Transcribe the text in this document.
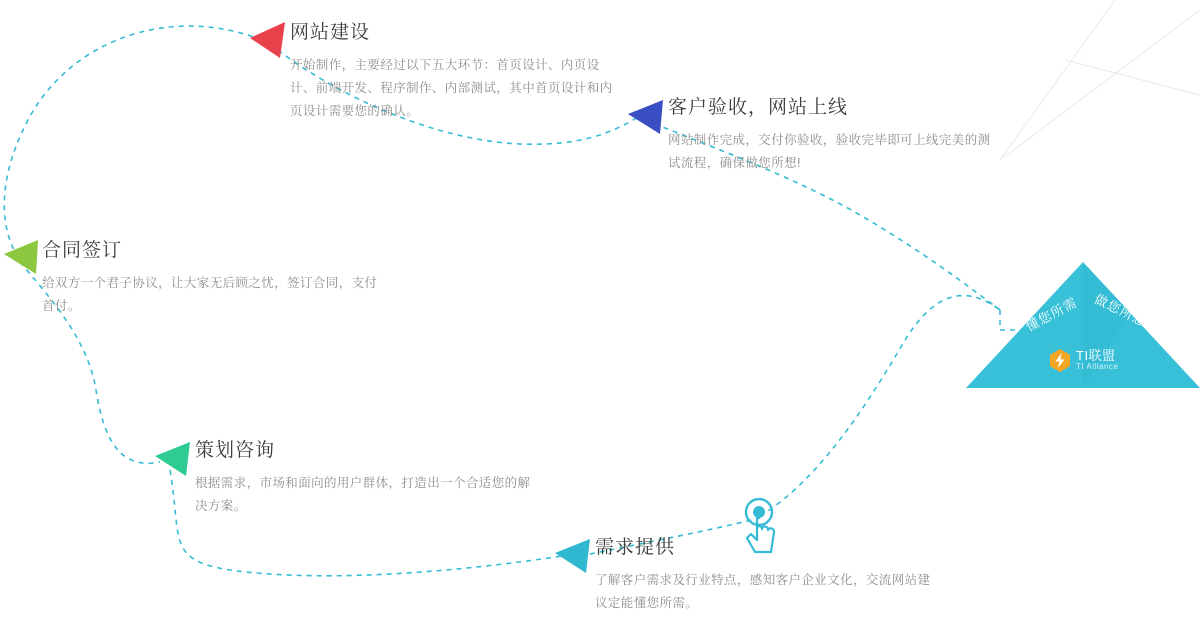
网站建设
开始制作，主要经过以下五大环节：首页设计、内页设计、前端开发、程序制作、内部测试，其中首页设计和内页设计需要您的确认。	客户验收，网站上线
网站制作完成，交付你验收，验收完毕即可上线完美的测试流程，确保做您所想!
合同签订
给双方一个君子协议，让大家无后顾之忧，签订合同，支付首付。
策划咨询
根据需求，市场和面向的用户群体，打造出一个合适您的解决方案。
需求提供
了解客户需求及行业特点，感知客户企业文化，交流网站建议定能懂您所需。
懂您所需 做您所想
TI联盟
TI Alliance
